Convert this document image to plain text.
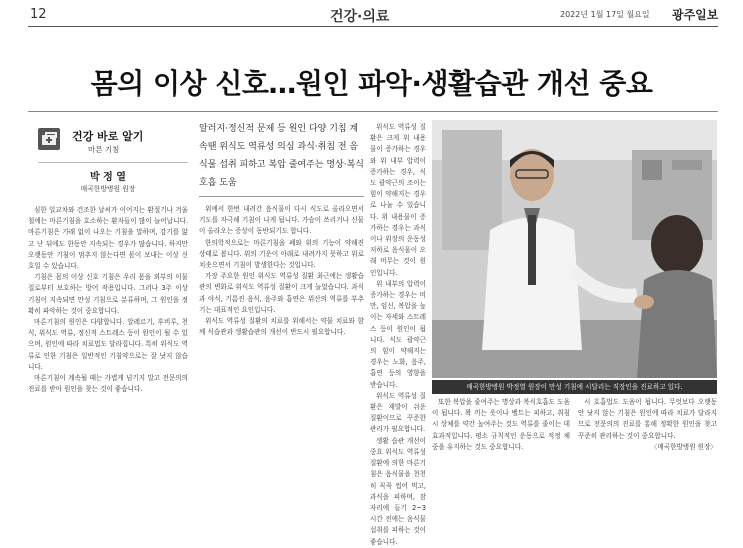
12	건강·의료	2022년 1월 17일 월요일 광주일보
몸의 이상 신호…원인 파악·생활습관 개선 중요
건강 바로 알기
마른 기침
박 정 열
매곡한방병원 원장

심한 일교차와 건조한 날씨가 이어지는 환절기나 겨울철에는 마른기침을 호소하는 환자들이 많이 늘어납니다. 마른기침은 가래 없이 나오는 기침을 말하며, 감기를 앓고 난 뒤에도 한동안 지속되는 경우가 많습니다. 하지만 오랫동안 기침이 멈추지 않는다면 몸이 보내는 이상 신호일 수 있습니다.

기침은 몸의 이상 신호 기침은 우리 몸을 외부의 이물질로부터 보호하는 방어 작용입니다. 그러나 3주 이상 기침이 지속되면 만성 기침으로 분류하며, 그 원인을 정확히 파악하는 것이 중요합니다.

마른기침의 원인은 다양합니다. 알레르기, 후비루, 천식, 위식도 역류, 정신적 스트레스 등이 원인이 될 수 있으며, 원인에 따라 치료법도 달라집니다. 특히 위식도 역류로 인한 기침은 일반적인 기침약으로는 잘 낫지 않습니다.

마른기침이 계속될 때는 가볍게 넘기지 말고 전문의의 진료를 받아 원인을 찾는 것이 좋습니다.

알러지·정신적 문제 등 원인 다양 기침 계속땐 위식도 역류성 의심 과식·취침 전 음식물 섭취 피하고 복압 줄여주는 명상·복식호흡 도움

위에서 한번 내려간 음식물이 다시 식도로 올라오면서 기도를 자극해 기침이 나게 됩니다. 가슴이 쓰리거나 신물이 올라오는 증상이 동반되기도 합니다.

한의학적으로는 마른기침을 폐와 위의 기능이 약해진 상태로 봅니다. 위의 기운이 아래로 내려가지 못하고 위로 치솟으면서 기침이 발생한다는 것입니다.

가장 주요한 원인 위식도 역류성 질환 최근에는 생활습관의 변화로 위식도 역류성 질환이 크게 늘었습니다. 과식과 야식, 기름진 음식, 음주와 흡연은 위산의 역류를 부추기는 대표적인 요인입니다.

위식도 역류성 질환의 치료를 위해서는 약물 치료와 함께 식습관과 생활습관의 개선이 반드시 필요합니다.

위식도 역류성 질환은 크게 위 내용물이 증가하는 경우와 위 내부 압력이 증가하는 경우, 식도 괄약근의 조이는 힘이 약해지는 경우로 나눌 수 있습니다. 위 내용물이 증가하는 경우는 과식이나 위장의 운동성 저하로 음식물이 오래 머무는 것이 원인입니다.

위 내부의 압력이 증가하는 경우는 비만, 임신, 복압을 높이는 자세와 스트레스 등이 원인이 됩니다. 식도 괄약근의 힘이 약해지는 경우는 노화, 음주, 흡연 등의 영향을 받습니다.

위식도 역류성 질환은 재발이 쉬운 질환이므로 꾸준한 관리가 필요합니다.

생활 습관 개선이 중요 위식도 역류성 질환에 의한 마른기침은 음식물을 천천히 꼭꼭 씹어 먹고, 과식을 피하며, 잠자리에 들기 2~3시간 전에는 음식물 섭취를 피하는 것이 좋습니다.

매곡한방병원 박정열 원장이 만성 기침에 시달리는 직장인을 진료하고 있다.

또한 복압을 줄여주는 명상과 복식호흡도 도움이 됩니다. 꽉 끼는 옷이나 벨트는 피하고, 취침 시 상체를 약간 높여주는 것도 역류를 줄이는 데 효과적입니다. 평소 규칙적인 운동으로 적정 체중을 유지하는 것도 중요합니다.

시 호흡법도 도움이 됩니다. 무엇보다 오랫동안 낫지 않는 기침은 원인에 따라 치료가 달라지므로 전문의의 진료를 통해 정확한 원인을 찾고 꾸준히 관리하는 것이 중요합니다.

〈매곡한방병원 원장〉
